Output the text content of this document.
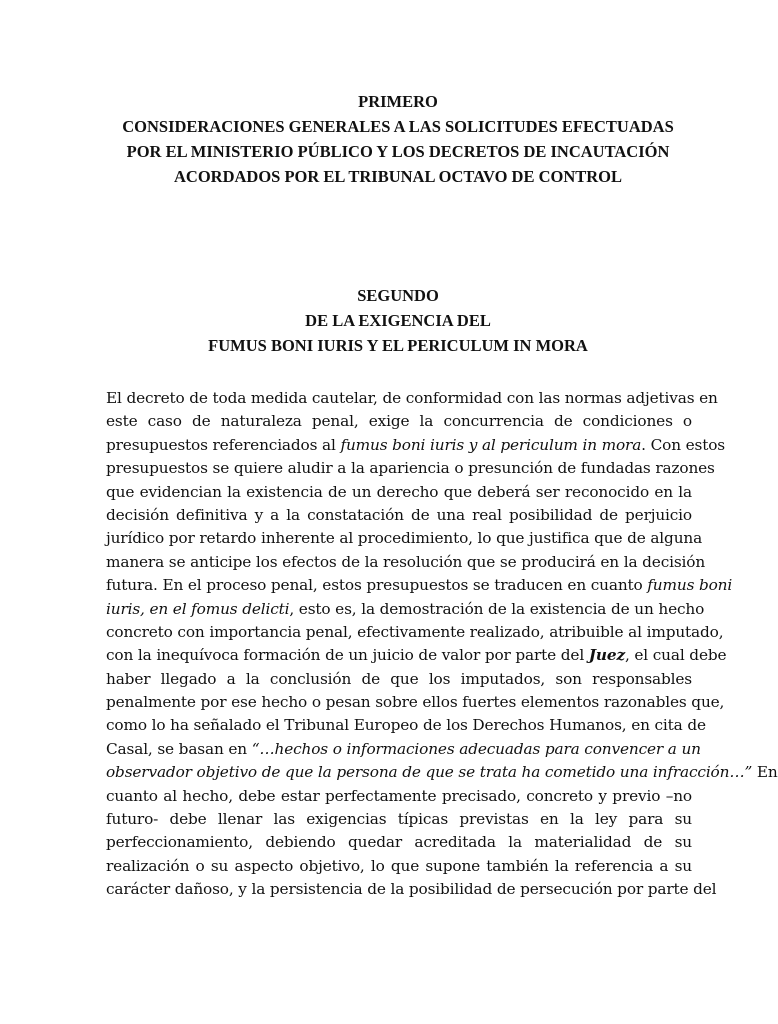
PRIMERO
CONSIDERACIONES GENERALES A LAS SOLICITUDES EFECTUADAS
POR EL MINISTERIO PÚBLICO Y LOS DECRETOS DE INCAUTACIÓN
ACORDADOS POR EL TRIBUNAL OCTAVO DE CONTROL
SEGUNDO
DE LA EXIGENCIA DEL
FUMUS BONI IURIS Y EL PERICULUM IN MORA
El decreto de toda medida cautelar, de conformidad con las normas adjetivas en
este caso de naturaleza penal, exige la concurrencia de condiciones o
presupuestos referenciados al fumus boni iuris y al periculum in mora. Con estos
presupuestos se quiere aludir a la apariencia o presunción de fundadas razones
que evidencian la existencia de un derecho que deberá ser reconocido en la
decisión definitiva y a la constatación de una real posibilidad de perjuicio
jurídico por retardo inherente al procedimiento, lo que justifica que de alguna
manera se anticipe los efectos de la resolución que se producirá en la decisión
futura. En el proceso penal, estos presupuestos se traducen en cuanto fumus boni
iuris, en el fomus delicti, esto es, la demostración de la existencia de un hecho
concreto con importancia penal, efectivamente realizado, atribuible al imputado,
con la inequívoca formación de un juicio de valor por parte del Juez, el cual debe
haber llegado a la conclusión de que los imputados, son responsables
penalmente por ese hecho o pesan sobre ellos fuertes elementos razonables que,
como lo ha señalado el Tribunal Europeo de los Derechos Humanos, en cita de
Casal, se basan en “…hechos o informaciones adecuadas para convencer a un
observador objetivo de que la persona de que se trata ha cometido una infracción…” En
cuanto al hecho, debe estar perfectamente precisado, concreto y previo –no
futuro- debe llenar las exigencias típicas previstas en la ley para su
perfeccionamiento, debiendo quedar acreditada la materialidad de su
realización o su aspecto objetivo, lo que supone también la referencia a su
carácter dañoso, y la persistencia de la posibilidad de persecución por parte del
